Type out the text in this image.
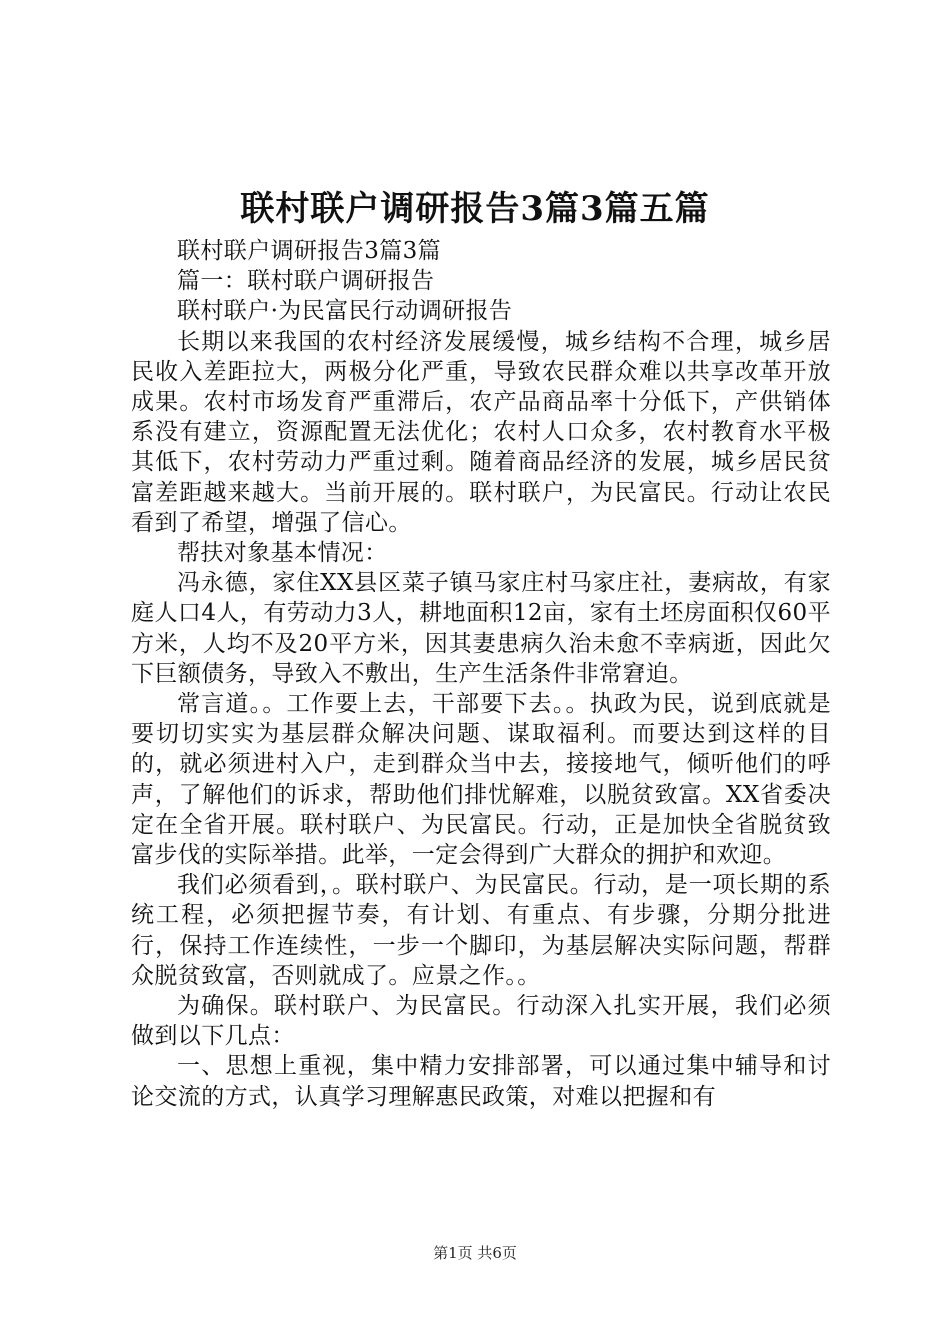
联村联户调研报告3篇3篇五篇

联村联户调研报告3篇3篇

篇一：联村联户调研报告

联村联户·为民富民行动调研报告

长期以来我国的农村经济发展缓慢，城乡结构不合理，城乡居民收入差距拉大，两极分化严重，导致农民群众难以共享改革开放成果。农村市场发育严重滞后，农产品商品率十分低下，产供销体系没有建立，资源配置无法优化；农村人口众多，农村教育水平极其低下，农村劳动力严重过剩。随着商品经济的发展，城乡居民贫富差距越来越大。当前开展的。联村联户，为民富民。行动让农民看到了希望，增强了信心。

帮扶对象基本情况：

冯永德，家住XX县区菜子镇马家庄村马家庄社，妻病故，有家庭人口4人，有劳动力3人，耕地面积12亩，家有土坯房面积仅60平方米，人均不及20平方米，因其妻患病久治未愈不幸病逝，因此欠下巨额债务，导致入不敷出，生产生活条件非常窘迫。

常言道。。工作要上去，干部要下去。。执政为民，说到底就是要切切实实为基层群众解决问题、谋取福利。而要达到这样的目的，就必须进村入户，走到群众当中去，接接地气，倾听他们的呼声，了解他们的诉求，帮助他们排忧解难，以脱贫致富。XX省委决定在全省开展。联村联户、为民富民。行动，正是加快全省脱贫致富步伐的实际举措。此举，一定会得到广大群众的拥护和欢迎。

我们必须看到，。联村联户、为民富民。行动，是一项长期的系统工程，必须把握节奏，有计划、有重点、有步骤，分期分批进行，保持工作连续性，一步一个脚印，为基层解决实际问题，帮群众脱贫致富，否则就成了。应景之作。。

为确保。联村联户、为民富民。行动深入扎实开展，我们必须做到以下几点：

一、思想上重视，集中精力安排部署，可以通过集中辅导和讨论交流的方式，认真学习理解惠民政策，对难以把握和有

第1页 共6页
